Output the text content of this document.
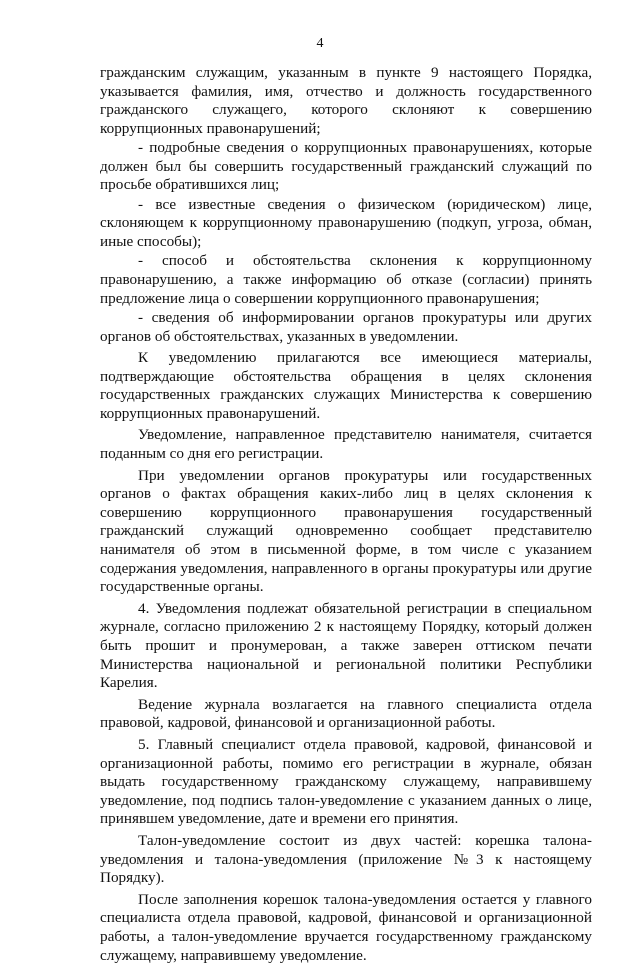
4

гражданским служащим, указанным в пункте 9 настоящего Порядка, указывается фамилия, имя, отчество и должность государственного гражданского служащего, которого склоняют к совершению коррупционных правонарушений;

- подробные сведения о коррупционных правонарушениях, которые должен был бы совершить государственный гражданский служащий по просьбе обратившихся лиц;

- все известные сведения о физическом (юридическом) лице, склоняющем к коррупционному правонарушению (подкуп, угроза, обман, иные способы);

- способ и обстоятельства склонения к коррупционному правонарушению, а также информацию об отказе (согласии) принять предложение лица о совершении коррупционного правонарушения;

- сведения об информировании органов прокуратуры или других органов об обстоятельствах, указанных в уведомлении.

К уведомлению прилагаются все имеющиеся материалы, подтверждающие обстоятельства обращения в целях склонения государственных гражданских служащих Министерства к совершению коррупционных правонарушений.

Уведомление, направленное представителю нанимателя, считается поданным со дня его регистрации.

При уведомлении органов прокуратуры или государственных органов о фактах обращения каких-либо лиц в целях склонения к совершению коррупционного правонарушения государственный гражданский служащий одновременно сообщает представителю нанимателя об этом в письменной форме, в том числе с указанием содержания уведомления, направленного в органы прокуратуры или другие государственные органы.

4. Уведомления подлежат обязательной регистрации в специальном журнале, согласно приложению 2 к настоящему Порядку, который должен быть прошит и пронумерован, а также заверен оттиском печати Министерства национальной и региональной политики Республики Карелия.

Ведение журнала возлагается на главного специалиста отдела правовой, кадровой, финансовой и организационной работы.

5. Главный специалист отдела правовой, кадровой, финансовой и организационной работы, помимо его регистрации в журнале, обязан выдать государственному гражданскому служащему, направившему уведомление, под подпись талон-уведомление с указанием данных о лице, принявшем уведомление, дате и времени его принятия.

Талон-уведомление состоит из двух частей: корешка талона-уведомления и талона-уведомления (приложение №3 к настоящему Порядку).

После заполнения корешок талона-уведомления остается у главного специалиста отдела правовой, кадровой, финансовой и организационной работы, а талон-уведомление вручается государственному гражданскому служащему, направившему уведомление.
